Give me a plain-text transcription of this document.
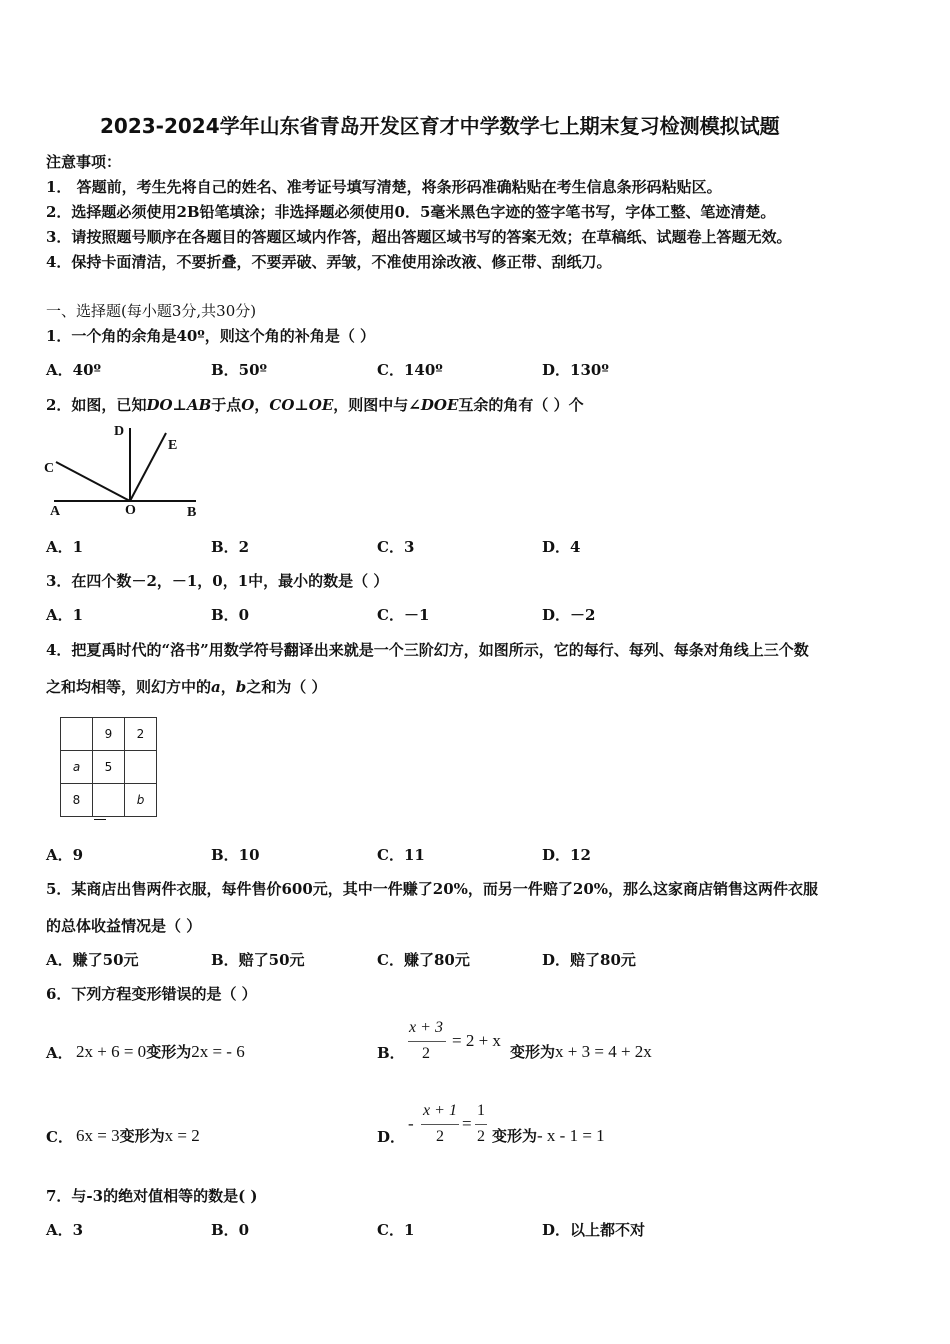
2023-2024学年山东省青岛开发区育才中学数学七上期末复习检测模拟试题
注意事项：
1． 答题前，考生先将自己的姓名、准考证号填写清楚，将条形码准确粘贴在考生信息条形码粘贴区。
2．选择题必须使用2B铅笔填涂；非选择题必须使用0．5毫米黑色字迹的签字笔书写，字体工整、笔迹清楚。
3．请按照题号顺序在各题目的答题区域内作答，超出答题区域书写的答案无效；在草稿纸、试题卷上答题无效。
4．保持卡面清洁，不要折叠，不要弄破、弄皱，不准使用涂改液、修正带、刮纸刀。
一、选择题(每小题3分,共30分)
1．一个角的余角是40º，则这个角的补角是（ ）
A．40º	B．50º	C．140º	D．130º
2．如图，已知DO⊥AB于点O，CO⊥OE，则图中与∠DOE互余的角有（ ）个
D
E
C
A	O	B
A．1	B．2	C．3	D．4
3．在四个数－2，－1，0，1中，最小的数是（ ）
A．1	B．0	C．－1	D．－2
4．把夏禹时代的“洛书”用数学符号翻译出来就是一个三阶幻方，如图所示，它的每行、每列、每条对角线上三个数
之和均相等，则幻方中的a，b之和为（ ）
	9	2
a	5	
8		b
A．9	B．10	C．11	D．12
5．某商店出售两件衣服，每件售价600元，其中一件赚了20%，而另一件赔了20%，那么这家商店销售这两件衣服
的总体收益情况是（ ）
A．赚了50元	B．赔了50元	C．赚了80元	D．赔了80元
6．下列方程变形错误的是（ ）
A． 2x + 6 = 0变形为2x = - 6	B．
x + 3
2
= 2 + x
变形为x + 3 = 4 + 2x
C． 6x = 3变形为x = 2	D．
-
x + 1
2
=
1
2 变形为- x - 1 = 1
7．与-3的绝对值相等的数是( )
A．3	B．0	C．1	D．以上都不对
